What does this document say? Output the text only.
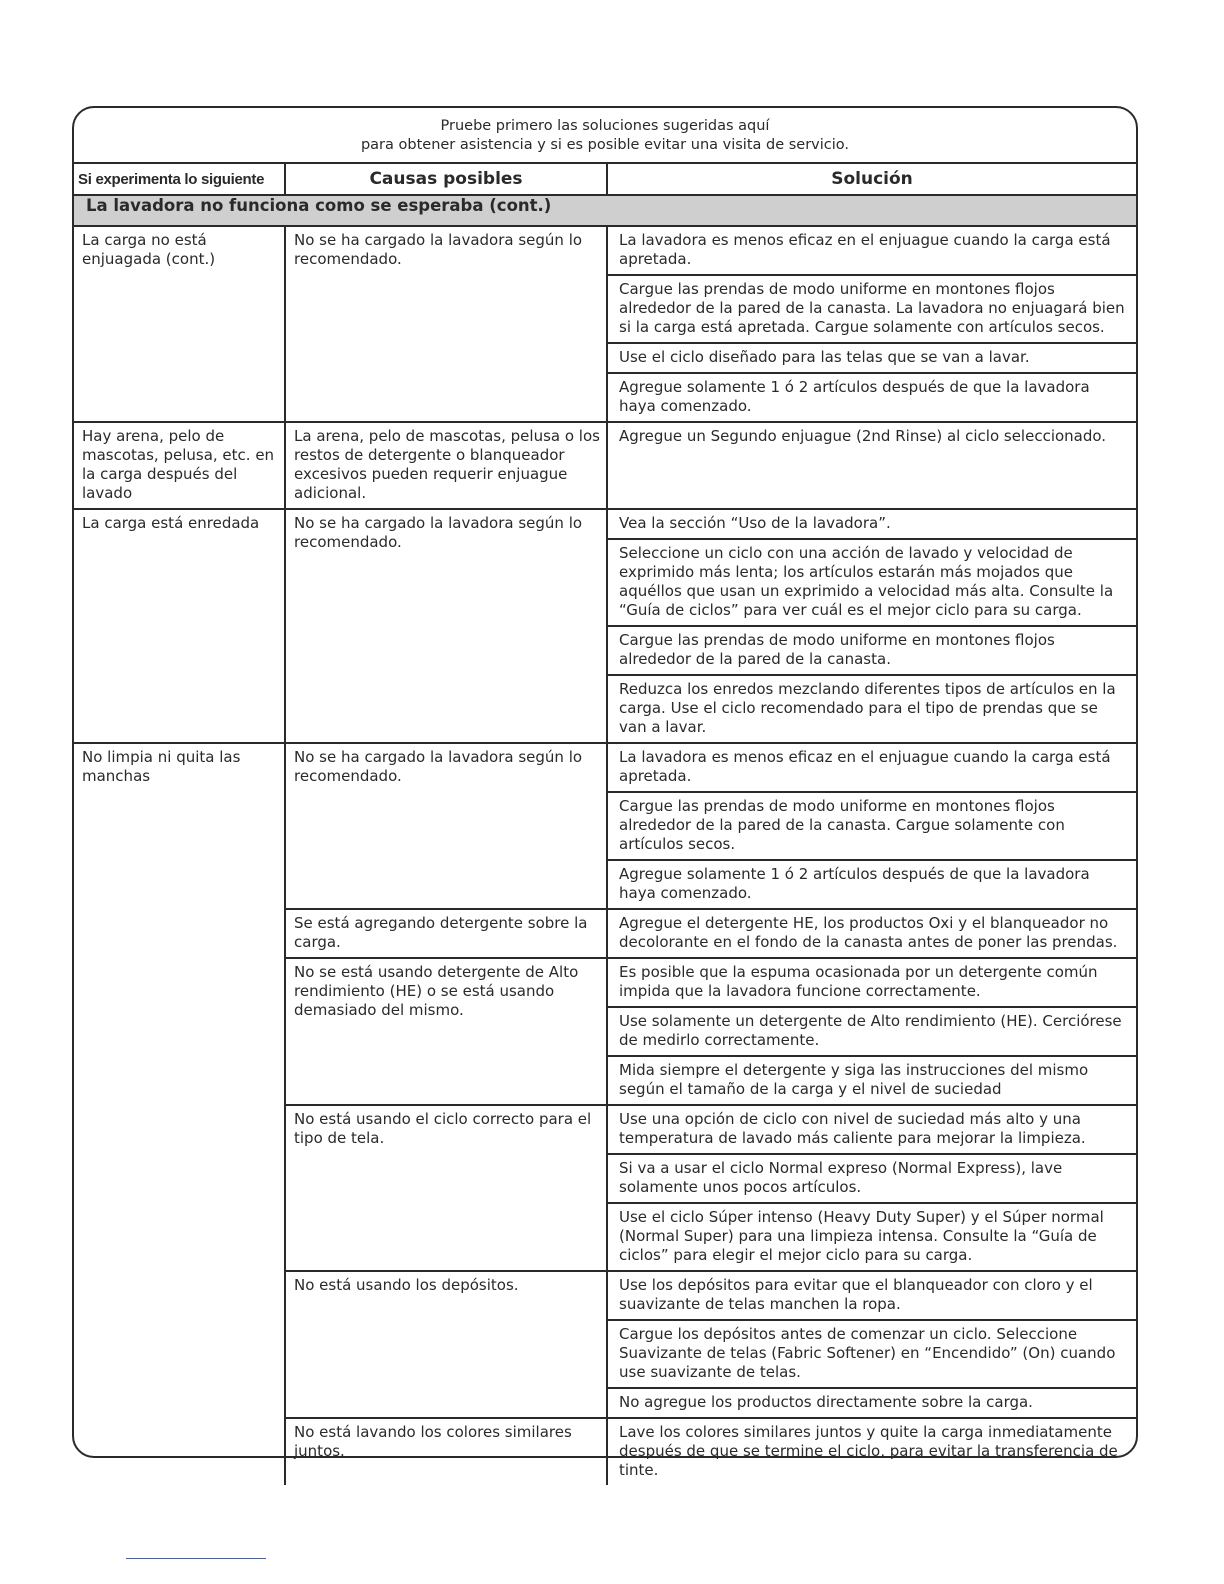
Pruebe primero las soluciones sugeridas aquí
para obtener asistencia y si es posible evitar una visita de servicio.
Si experimenta lo siguiente	Causas posibles	Solución
La lavadora no funciona como se esperaba (cont.)		
La carga no está enjuagada (cont.)	No se ha cargado la lavadora según lo recomendado.	La lavadora es menos eficaz en el enjuague cuando la carga está apretada.
		Cargue las prendas de modo uniforme en montones flojos alrededor de la pared de la canasta. La lavadora no enjuagará bien si la carga está apretada. Cargue solamente con artículos secos.
		Use el ciclo diseñado para las telas que se van a lavar.
		Agregue solamente 1 ó 2 artículos después de que la lavadora haya comenzado.
Hay arena, pelo de mascotas, pelusa, etc. en la carga después del lavado	La arena, pelo de mascotas, pelusa o los restos de detergente o blanqueador excesivos pueden requerir enjuague adicional.	Agregue un Segundo enjuague (2nd Rinse) al ciclo seleccionado.
La carga está enredada	No se ha cargado la lavadora según lo recomendado.	Vea la sección “Uso de la lavadora”.
		Seleccione un ciclo con una acción de lavado y velocidad de exprimido más lenta; los artículos estarán más mojados que aquéllos que usan un exprimido a velocidad más alta. Consulte la “Guía de ciclos” para ver cuál es el mejor ciclo para su carga.
		Cargue las prendas de modo uniforme en montones flojos alrededor de la pared de la canasta.
		Reduzca los enredos mezclando diferentes tipos de artículos en la carga. Use el ciclo recomendado para el tipo de prendas que se van a lavar.
No limpia ni quita las manchas	No se ha cargado la lavadora según lo recomendado.	La lavadora es menos eficaz en el enjuague cuando la carga está apretada.
		Cargue las prendas de modo uniforme en montones flojos alrededor de la pared de la canasta. Cargue solamente con artículos secos.
		Agregue solamente 1 ó 2 artículos después de que la lavadora haya comenzado.
	Se está agregando detergente sobre la carga.	Agregue el detergente HE, los productos Oxi y el blanqueador no decolorante en el fondo de la canasta antes de poner las prendas.
	No se está usando detergente de Alto rendimiento (HE) o se está usando demasiado del mismo.	Es posible que la espuma ocasionada por un detergente común impida que la lavadora funcione correctamente.
		Use solamente un detergente de Alto rendimiento (HE). Cerciórese de medirlo correctamente.
		Mida siempre el detergente y siga las instrucciones del mismo según el tamaño de la carga y el nivel de suciedad
	No está usando el ciclo correcto para el tipo de tela.	Use una opción de ciclo con nivel de suciedad más alto y una temperatura de lavado más caliente para mejorar la limpieza.
		Si va a usar el ciclo Normal expreso (Normal Express), lave solamente unos pocos artículos.
		Use el ciclo Súper intenso (Heavy Duty Super) y el Súper normal (Normal Super) para una limpieza intensa. Consulte la “Guía de ciclos” para elegir el mejor ciclo para su carga.
	No está usando los depósitos.	Use los depósitos para evitar que el blanqueador con cloro y el suavizante de telas manchen la ropa.
		Cargue los depósitos antes de comenzar un ciclo. Seleccione Suavizante de telas (Fabric Softener) en “Encendido” (On) cuando use suavizante de telas.
		No agregue los productos directamente sobre la carga.
	No está lavando los colores similares juntos.	Lave los colores similares juntos y quite la carga inmediatamente después de que se termine el ciclo, para evitar la transferencia de tinte.
